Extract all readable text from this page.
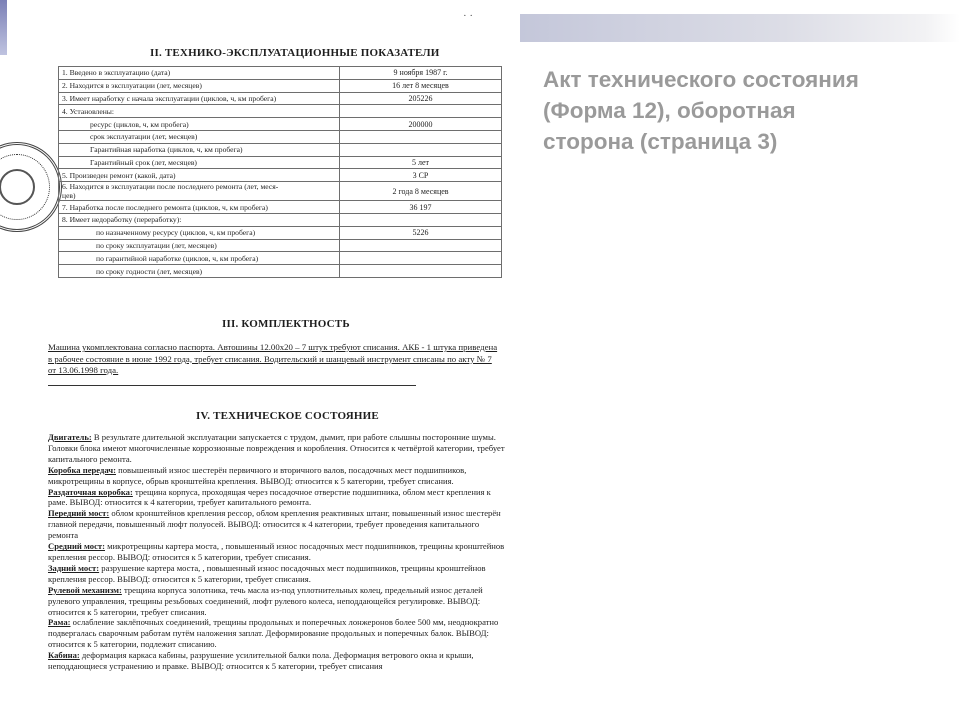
Акт технического состояния
(Форма 12), оборотная
сторона (страница 3)
· ·
II. ТЕХНИКО-ЭКСПЛУАТАЦИОННЫЕ ПОКАЗАТЕЛИ
1. Введено в эксплуатацию (дата)	9 ноября 1987 г.

2. Находится в эксплуатации (лет, месяцев)	16 лет 8 месяцев

3. Имеет наработку с начала эксплуатации (циклов, ч, км пробега)	205226

4. Установлены:	

ресурс (циклов, ч, км пробега)	200000

срок эксплуатации (лет, месяцев)	

Гарантийная наработка (циклов, ч, км пробега)	

Гарантийный срок (лет, месяцев)	5 лет

5. Произведен ремонт (какой, дата)	3 СР

6. Находится в эксплуатации после последнего ремонта (лет, меся-
цев)	2 года 8 месяцев

7. Наработка после последнего ремонта (циклов, ч, км пробега)	36 197

8. Имеет недоработку (переработку):	

по назначенному ресурсу (циклов, ч, км пробега)	5226

по сроку эксплуатации (лет, месяцев)	

по гарантийной наработке (циклов, ч, км пробега)	

по сроку годности (лет, месяцев)	

III. КОМПЛЕКТНОСТЬ
Машина укомплектована согласно паспорта. Автошины 12.00х20 – 7 штук требуют списания. АКБ - 1 штука приведена в рабочее состояние в июне 1992 года, требует списания. Водительский и шанцевый инструмент списаны по акту № 7 от 13.06.1998 года.
IV. ТЕХНИЧЕСКОЕ СОСТОЯНИЕ

Двигатель: В результате длительной эксплуатации запускается с трудом, дымит, при работе слышны посторонние шумы. Головки блока имеют многочисленные коррозионные повреждения и коробления. Относится к четвёртой категории, требует капитального ремонта.

Коробка передач: повышенный износ шестерён первичного и вторичного валов, посадочных мест подшипников, микротрещины в корпусе, обрыв кронштейна крепления. ВЫВОД: относится к 5 категории, требует списания.

Раздаточная коробка: трещина корпуса, проходящая через посадочное отверстие подшипника, облом мест крепления к раме. ВЫВОД: относится к 4 категории, требует капитального ремонта.

Передний мост: облом кронштейнов крепления рессор, облом крепления реактивных штанг, повышенный износ шестерён главной передачи, повышенный люфт полуосей. ВЫВОД: относится к 4 категории, требует проведения капитального ремонта

Средний мост: микротрещины картера моста, , повышенный износ посадочных мест подшипников, трещины кронштейнов крепления рессор. ВЫВОД: относится к 5 категории, требует списания.

Задний мост: разрушение картера моста, , повышенный износ посадочных мест подшипников, трещины кронштейнов крепления рессор. ВЫВОД: относится к 5 категории, требует списания.

Рулевой механизм: трещина корпуса золотника, течь масла из-под уплотнительных колец, предельный износ деталей рулевого управления, трещины резьбовых соединений, люфт рулевого колеса, неподдающейся регулировке. ВЫВОД: относится к 5 категории, требует списания.

Рама: ослабление заклёпочных соединений, трещины продольных и поперечных лонжеронов более 500 мм, неоднократно подвергалась сварочным работам путём наложения заплат. Деформирование продольных и поперечных балок. ВЫВОД: относится к 5 категории, подлежит списанию.

Кабина: деформация каркаса кабины, разрушение усилительной балки пола. Деформация ветрового окна и крыши, неподдающиеся устранению и правке. ВЫВОД: относится к 5 категории, требует списания
